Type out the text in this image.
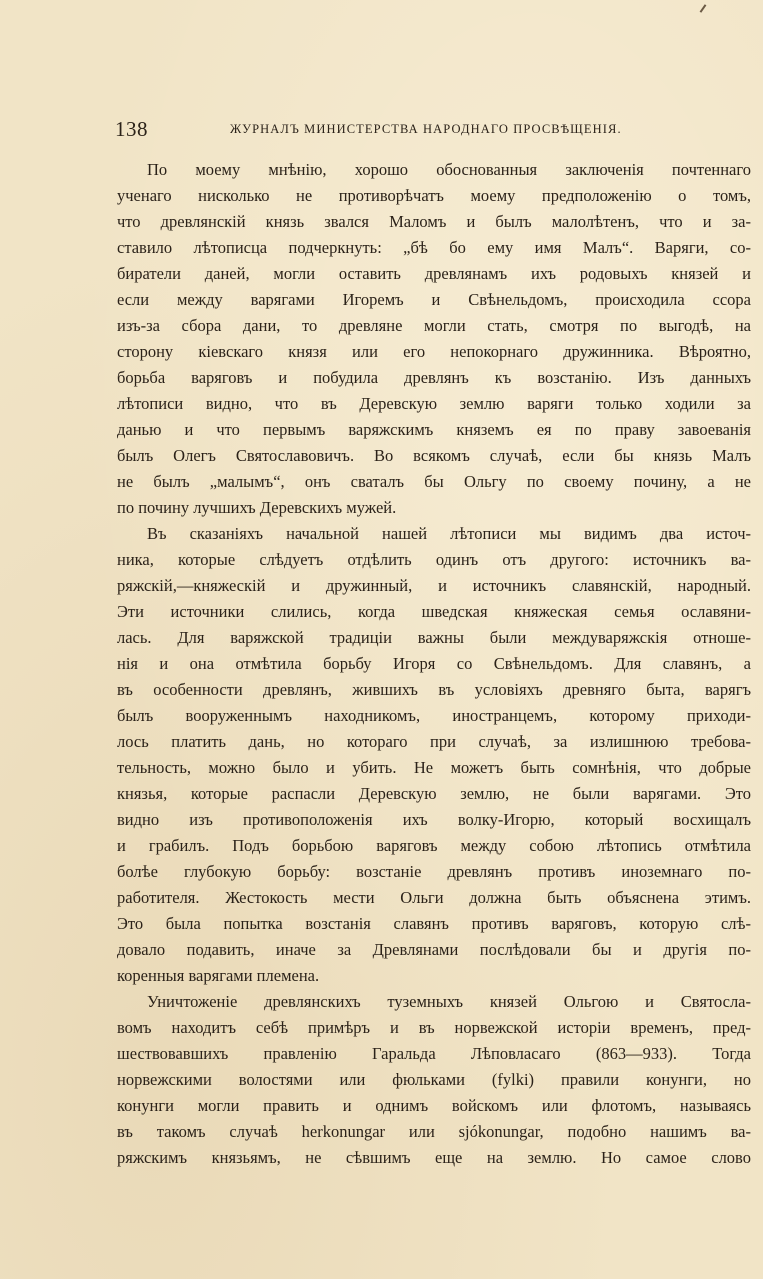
138	ЖУРНАЛЪ МИНИСТЕРСТВА НАРОДНАГО ПРОСВѢЩЕНІЯ.
По моему мнѣнію, хорошо обоснованныя заключенія почтеннаго
ученаго нисколько не противорѣчатъ моему предположенію о томъ,
что древлянскій князь звался Маломъ и былъ малолѣтенъ, что и за-
ставило лѣтописца подчеркнуть: „бѣ бо ему имя Малъ“. Варяги, со-
биратели даней, могли оставить древлянамъ ихъ родовыхъ князей и
если между варягами Игоремъ и Свѣнельдомъ, происходила ссора
изъ-за сбора дани, то древляне могли стать, смотря по выгодѣ, на
сторону кіевскаго князя или его непокорнаго дружинника. Вѣроятно,
борьба варяговъ и побудила древлянъ къ возстанію. Изъ данныхъ
лѣтописи видно, что въ Деревскую землю варяги только ходили за
данью и что первымъ варяжскимъ княземъ ея по праву завоеванія
былъ Олегъ Святославовичъ. Во всякомъ случаѣ, если бы князь Малъ
не былъ „малымъ“, онъ сваталъ бы Ольгу по своему почину, а не
по почину лучшихъ Деревскихъ мужей.
Въ сказаніяхъ начальной нашей лѣтописи мы видимъ два источ-
ника, которые слѣдуетъ отдѣлить одинъ отъ другого: источникъ ва-
ряжскій,—княжескій и дружинный, и источникъ славянскій, народный.
Эти источники слились, когда шведская княжеская семья ославяни-
лась. Для варяжской традиціи важны были междуваряжскія отноше-
нія и она отмѣтила борьбу Игоря со Свѣнельдомъ. Для славянъ, а
въ особенности древлянъ, жившихъ въ условіяхъ древняго быта, варягъ
былъ вооруженнымъ находникомъ, иностранцемъ, которому приходи-
лось платить дань, но котораго при случаѣ, за излишнюю требова-
тельность, можно было и убить. Не можетъ быть сомнѣнія, что добрые
князья, которые распасли Деревскую землю, не были варягами. Это
видно изъ противоположенія ихъ волку-Игорю, который восхищалъ
и грабилъ. Подъ борьбою варяговъ между собою лѣтопись отмѣтила
болѣе глубокую борьбу: возстаніе древлянъ противъ иноземнаго по-
работителя. Жестокость мести Ольги должна быть объяснена этимъ.
Это была попытка возстанія славянъ противъ варяговъ, которую слѣ-
довало подавить, иначе за Древлянами послѣдовали бы и другія по-
коренныя варягами племена.
Уничтоженіе древлянскихъ туземныхъ князей Ольгою и Святосла-
вомъ находитъ себѣ примѣръ и въ норвежской исторіи временъ, пред-
шествовавшихъ правленію Гаральда Лѣповласаго (863—933). Тогда
норвежскими волостями или фюльками (fylki) правили конунги, но
конунги могли править и однимъ войскомъ или флотомъ, называясь
въ такомъ случаѣ herkonungar или sjókonungar, подобно нашимъ ва-
ряжскимъ князьямъ, не сѣвшимъ еще на землю. Но самое слово
